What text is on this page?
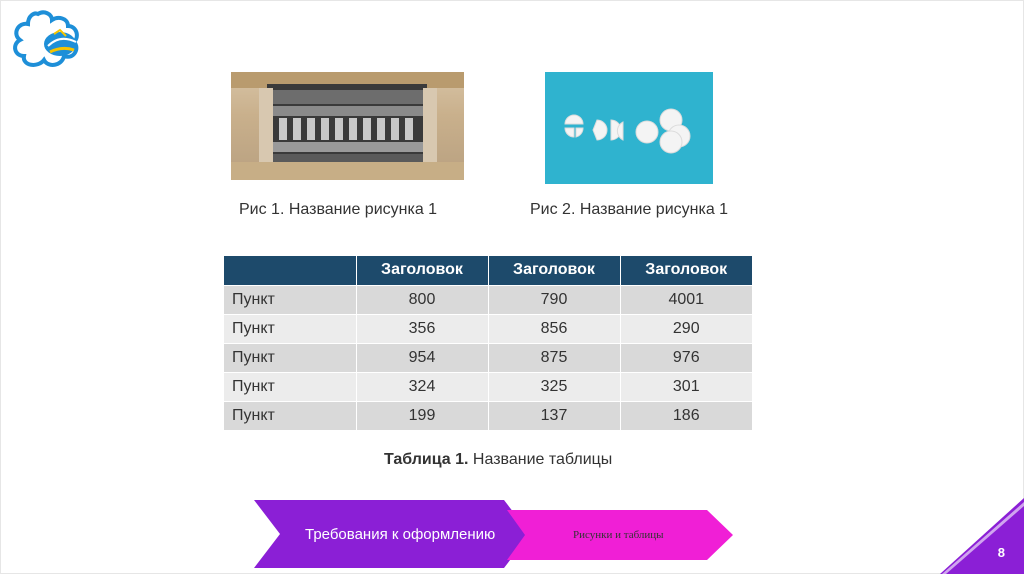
Рис 1. Название рисунка 1	Рис 2. Название рисунка 1
	Заголовок	Заголовок	Заголовок
Пункт	800	790	4001
Пункт	356	856	290
Пункт	954	875	976
Пункт	324	325	301
Пункт	199	137	186
Таблица 1. Название таблицы
Требования к оформлению	Рисунки и таблицы
8
